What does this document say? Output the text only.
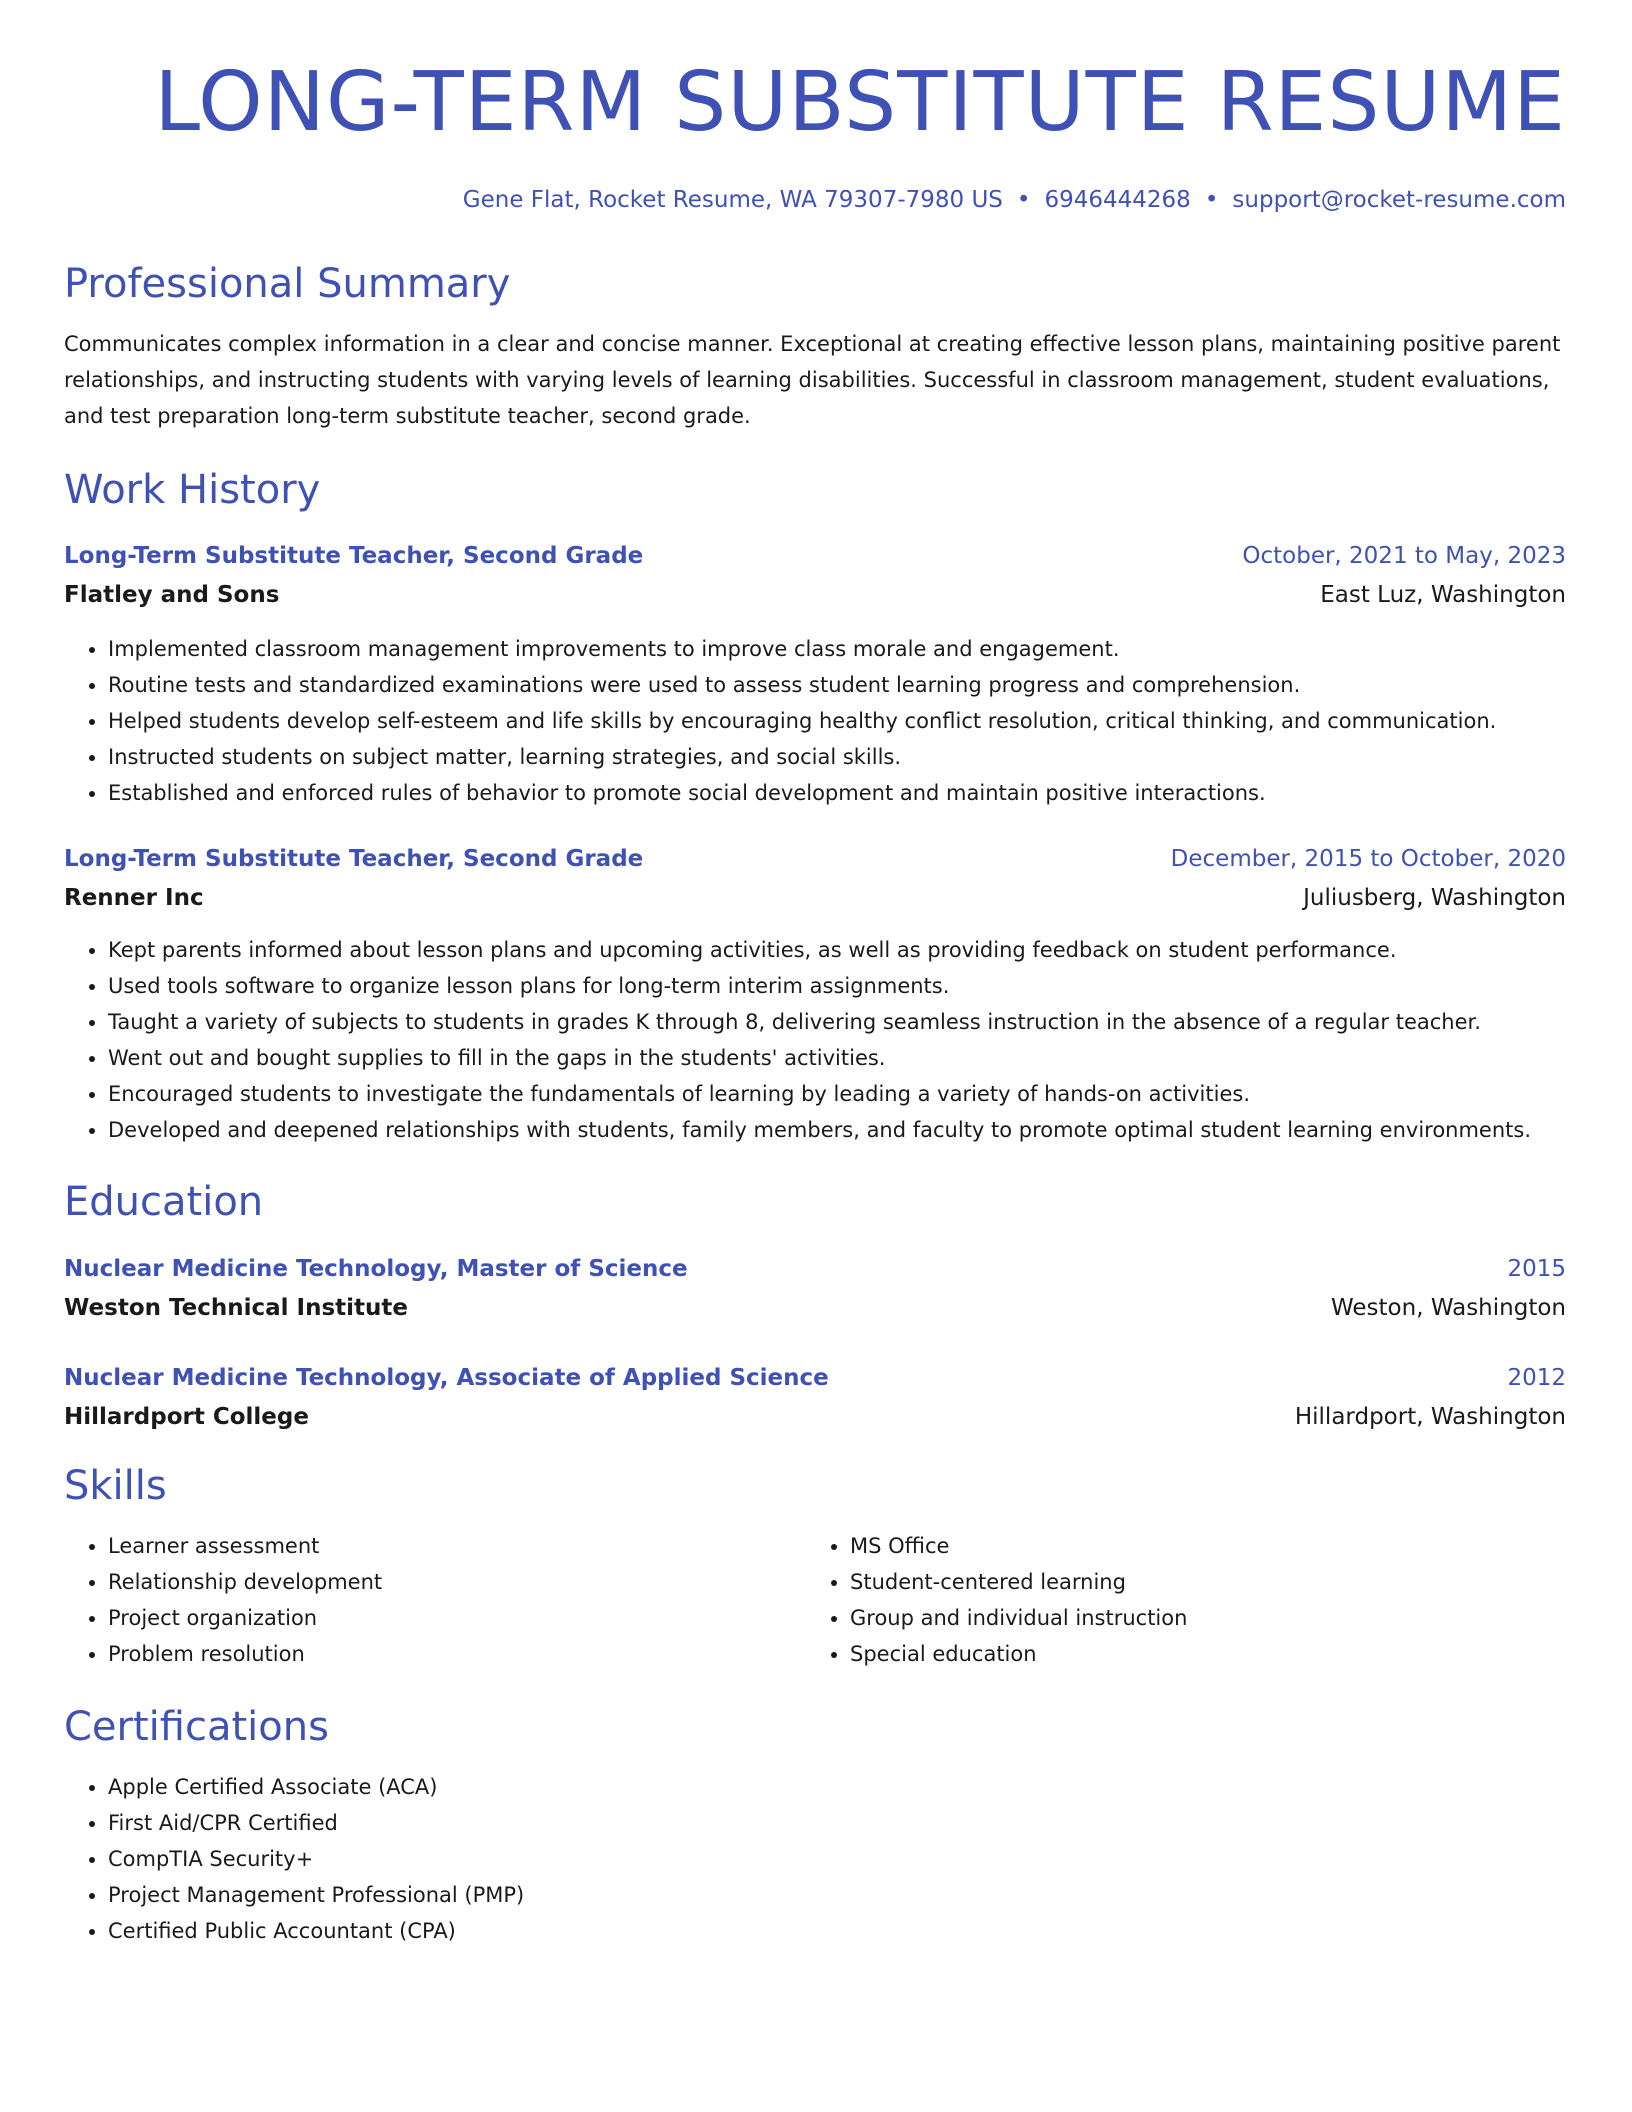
LONG-TERM SUBSTITUTE RESUME
Gene Flat, Rocket Resume, WA 79307-7980 US • 6946444268 • support@rocket-resume.com
Professional Summary

Communicates complex information in a clear and concise manner. Exceptional at creating effective lesson plans, maintaining positive parent relationships, and instructing students with varying levels of learning disabilities. Successful in classroom management, student evaluations, and test preparation long-term substitute teacher, second grade.

Work History
Long-Term Substitute Teacher, Second Grade	October, 2021 to May, 2023
Flatley and Sons	East Luz, Washington
• Implemented classroom management improvements to improve class morale and engagement.
• Routine tests and standardized examinations were used to assess student learning progress and comprehension.
• Helped students develop self-esteem and life skills by encouraging healthy conflict resolution, critical thinking, and communication.
• Instructed students on subject matter, learning strategies, and social skills.
• Established and enforced rules of behavior to promote social development and maintain positive interactions.
Long-Term Substitute Teacher, Second Grade	December, 2015 to October, 2020
Renner Inc	Juliusberg, Washington
• Kept parents informed about lesson plans and upcoming activities, as well as providing feedback on student performance.
• Used tools software to organize lesson plans for long-term interim assignments.
• Taught a variety of subjects to students in grades K through 8, delivering seamless instruction in the absence of a regular teacher.
• Went out and bought supplies to fill in the gaps in the students' activities.
• Encouraged students to investigate the fundamentals of learning by leading a variety of hands-on activities.
• Developed and deepened relationships with students, family members, and faculty to promote optimal student learning environments.
Education
Nuclear Medicine Technology, Master of Science	2015
Weston Technical Institute	Weston, Washington
Nuclear Medicine Technology, Associate of Applied Science	2012
Hillardport College	Hillardport, Washington
Skills
• Learner assessment
• Relationship development
• Project organization
• Problem resolution
• MS Office
• Student-centered learning
• Group and individual instruction
• Special education
Certifications
• Apple Certified Associate (ACA)
• First Aid/CPR Certified
• CompTIA Security+
• Project Management Professional (PMP)
• Certified Public Accountant (CPA)
